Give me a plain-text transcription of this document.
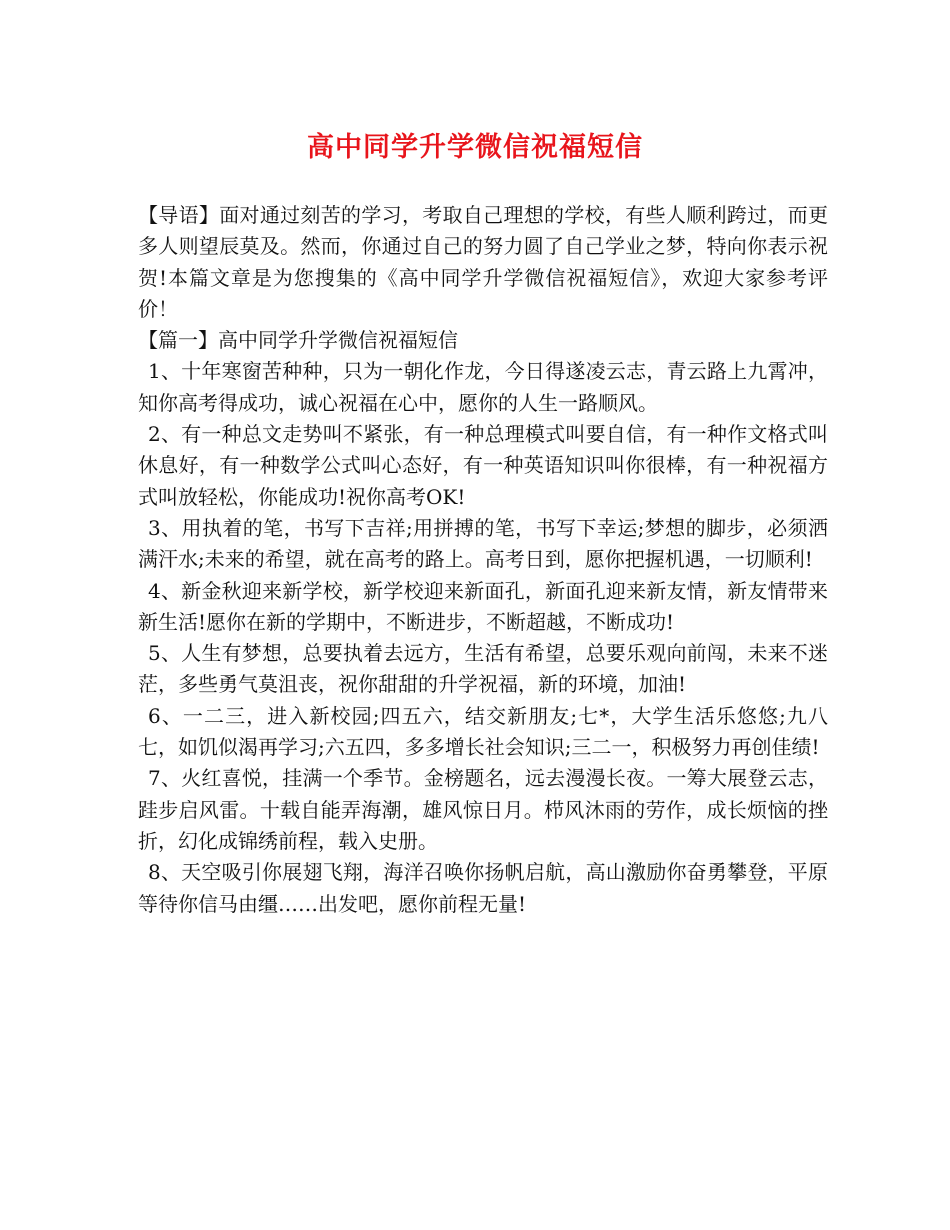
高中同学升学微信祝福短信

【导语】面对通过刻苦的学习，考取自己理想的学校，有些人顺利跨过，而更多人则望辰莫及。然而，你通过自己的努力圆了自己学业之梦，特向你表示祝贺!本篇文章是为您搜集的《高中同学升学微信祝福短信》，欢迎大家参考评价！

【篇一】高中同学升学微信祝福短信

1、十年寒窗苦种种，只为一朝化作龙，今日得遂凌云志，青云路上九霄冲，知你高考得成功，诚心祝福在心中，愿你的人生一路顺风。

2、有一种总文走势叫不紧张，有一种总理模式叫要自信，有一种作文格式叫休息好，有一种数学公式叫心态好，有一种英语知识叫你很棒，有一种祝福方式叫放轻松，你能成功!祝你高考OK!

3、用执着的笔，书写下吉祥;用拼搏的笔，书写下幸运;梦想的脚步，必须洒满汗水;未来的希望，就在高考的路上。高考日到，愿你把握机遇，一切顺利!

4、新金秋迎来新学校，新学校迎来新面孔，新面孔迎来新友情，新友情带来新生活!愿你在新的学期中，不断进步，不断超越，不断成功!

5、人生有梦想，总要执着去远方，生活有希望，总要乐观向前闯，未来不迷茫，多些勇气莫沮丧，祝你甜甜的升学祝福，新的环境，加油!

6、一二三，进入新校园;四五六，结交新朋友;七*，大学生活乐悠悠;九八七，如饥似渴再学习;六五四，多多增长社会知识;三二一，积极努力再创佳绩!

7、火红喜悦，挂满一个季节。金榜题名，远去漫漫长夜。一筹大展登云志，跬步启风雷。十载自能弄海潮，雄风惊日月。栉风沐雨的劳作，成长烦恼的挫折，幻化成锦绣前程，载入史册。

8、天空吸引你展翅飞翔，海洋召唤你扬帆启航，高山激励你奋勇攀登，平原等待你信马由缰……出发吧，愿你前程无量!
